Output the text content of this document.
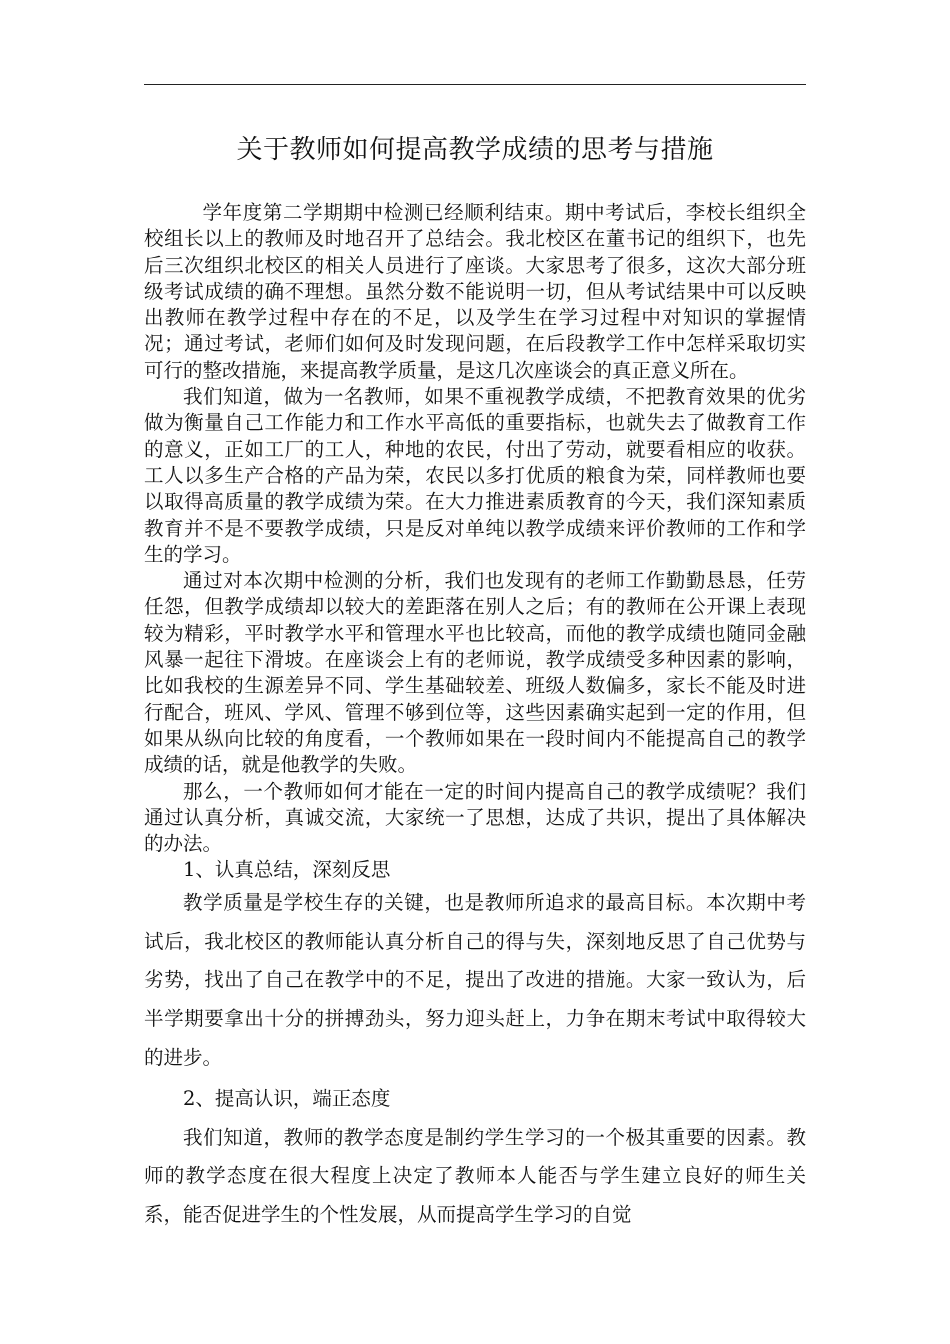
关于教师如何提高教学成绩的思考与措施

学年度第二学期期中检测已经顺利结束。期中考试后，李校长组织全校组长以上的教师及时地召开了总结会。我北校区在董书记的组织下，也先后三次组织北校区的相关人员进行了座谈。大家思考了很多，这次大部分班级考试成绩的确不理想。虽然分数不能说明一切，但从考试结果中可以反映出教师在教学过程中存在的不足，以及学生在学习过程中对知识的掌握情况；通过考试，老师们如何及时发现问题，在后段教学工作中怎样采取切实可行的整改措施，来提高教学质量，是这几次座谈会的真正意义所在。

我们知道，做为一名教师，如果不重视教学成绩，不把教育效果的优劣做为衡量自己工作能力和工作水平高低的重要指标，也就失去了做教育工作的意义，正如工厂的工人，种地的农民，付出了劳动，就要看相应的收获。工人以多生产合格的产品为荣，农民以多打优质的粮食为荣，同样教师也要以取得高质量的教学成绩为荣。在大力推进素质教育的今天，我们深知素质教育并不是不要教学成绩，只是反对单纯以教学成绩来评价教师的工作和学生的学习。

通过对本次期中检测的分析，我们也发现有的老师工作勤勤恳恳，任劳任怨，但教学成绩却以较大的差距落在别人之后；有的教师在公开课上表现较为精彩，平时教学水平和管理水平也比较高，而他的教学成绩也随同金融风暴一起往下滑坡。在座谈会上有的老师说，教学成绩受多种因素的影响，比如我校的生源差异不同、学生基础较差、班级人数偏多，家长不能及时进行配合，班风、学风、管理不够到位等，这些因素确实起到一定的作用，但如果从纵向比较的角度看，一个教师如果在一段时间内不能提高自己的教学成绩的话，就是他教学的失败。

那么，一个教师如何才能在一定的时间内提高自己的教学成绩呢？我们通过认真分析，真诚交流，大家统一了思想，达成了共识，提出了具体解决的办法。

1、认真总结，深刻反思

教学质量是学校生存的关键，也是教师所追求的最高目标。本次期中考试后，我北校区的教师能认真分析自己的得与失，深刻地反思了自己优势与劣势，找出了自己在教学中的不足，提出了改进的措施。大家一致认为，后半学期要拿出十分的拼搏劲头，努力迎头赶上，力争在期末考试中取得较大的进步。

2、提高认识，端正态度

我们知道，教师的教学态度是制约学生学习的一个极其重要的因素。教师的教学态度在很大程度上决定了教师本人能否与学生建立良好的师生关系，能否促进学生的个性发展，从而提高学生学习的自觉
